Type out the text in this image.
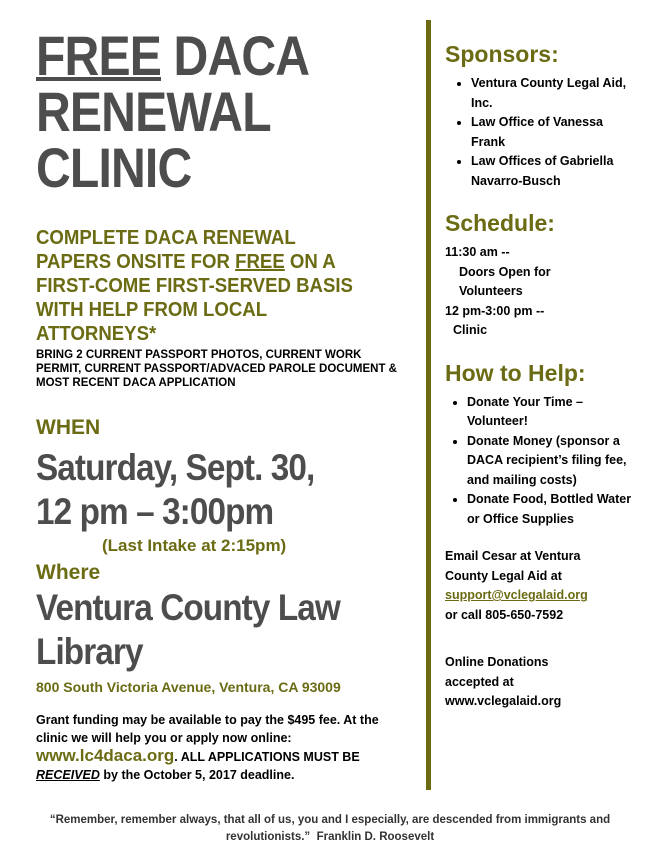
FREE DACA
RENEWAL
CLINIC
COMPLETE DACA RENEWAL PAPERS ONSITE FOR FREE ON A FIRST-COME FIRST-SERVED BASIS WITH HELP FROM LOCAL ATTORNEYS*
BRING 2 CURRENT PASSPORT PHOTOS, CURRENT WORK PERMIT, CURRENT PASSPORT/ADVACED PAROLE DOCUMENT & MOST RECENT DACA APPLICATION
WHEN
Saturday, Sept. 30,
12 pm – 3:00pm
(Last Intake at 2:15pm)
Where
Ventura County Law
Library
800 South Victoria Avenue, Ventura, CA 93009
Grant funding may be available to pay the $495 fee. At the clinic we will help you or apply now online:
www.lc4daca.org. ALL APPLICATIONS MUST BE
RECEIVED by the October 5, 2017 deadline.
Sponsors:
• Ventura County Legal Aid, Inc.
• Law Office of Vanessa Frank
• Law Offices of Gabriella Navarro-Busch
Schedule:

11:30 am --

Doors Open for

Volunteers

12 pm-3:00 pm --

Clinic

How to Help:
• Donate Your Time – Volunteer!
• Donate Money (sponsor a DACA recipient’s filing fee, and mailing costs)
• Donate Food, Bottled Water or Office Supplies

Email Cesar at Ventura

County Legal Aid at

support@vclegalaid.org

or call 805-650-7592

Online Donations

accepted at

www.vclegalaid.org

“Remember, remember always, that all of us, you and I especially, are descended from immigrants and revolutionists.” Franklin D. Roosevelt
